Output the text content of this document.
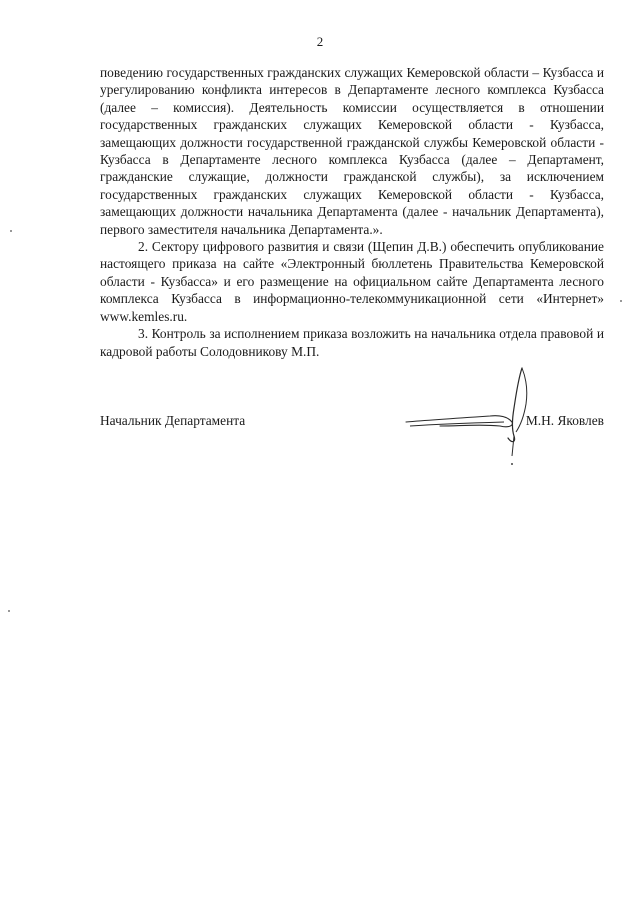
2

поведению государственных гражданских служащих Кемеровской области – Кузбасса и урегулированию конфликта интересов в Департаменте лесного комплекса Кузбасса (далее – комиссия). Деятельность комиссии осуществляется в отношении государственных гражданских служащих Кемеровской области - Кузбасса, замещающих должности государственной гражданской службы Кемеровской области - Кузбасса в Департаменте лесного комплекса Кузбасса (далее – Департамент, гражданские служащие, должности гражданской службы), за исключением государственных гражданских служащих Кемеровской области - Кузбасса, замещающих должности начальника Департамента (далее - начальник Департамента), первого заместителя начальника Департамента.».

2. Сектору цифрового развития и связи (Щепин Д.В.) обеспечить опубликование настоящего приказа на сайте «Электронный бюллетень Правительства Кемеровской области - Кузбасса» и его размещение на официальном сайте Департамента лесного комплекса Кузбасса в информационно-телекоммуникационной сети «Интернет» www.kemles.ru.

3. Контроль за исполнением приказа возложить на начальника отдела правовой и кадровой работы Солодовникову М.П.

Начальник Департамента	М.Н. Яковлев
